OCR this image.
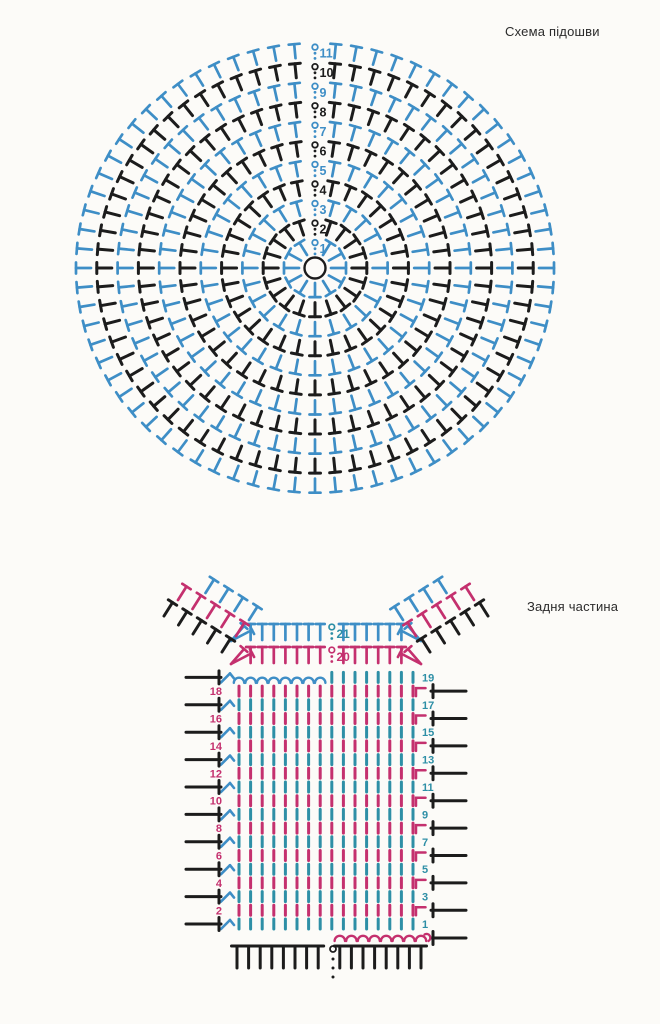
Схема підошви
Задня частина
1
2
3
4
5
6
7
8
9
10
11
1
2
3
4
5
6
7
8
9
10
11
12
13
14
15
16
17
18
19
20
21
